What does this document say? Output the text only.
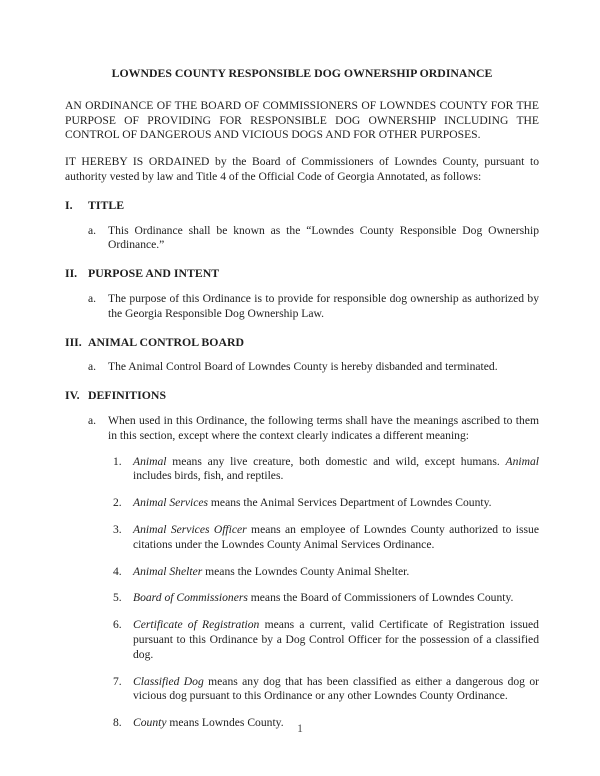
LOWNDES COUNTY RESPONSIBLE DOG OWNERSHIP ORDINANCE

AN ORDINANCE OF THE BOARD OF COMMISSIONERS OF LOWNDES COUNTY FOR THE PURPOSE OF PROVIDING FOR RESPONSIBLE DOG OWNERSHIP INCLUDING THE CONTROL OF DANGEROUS AND VICIOUS DOGS AND FOR OTHER PURPOSES.

IT HEREBY IS ORDAINED by the Board of Commissioners of Lowndes County, pursuant to authority vested by law and Title 4 of the Official Code of Georgia Annotated, as follows:

I. TITLE
a.	This Ordinance shall be known as the “Lowndes County Responsible Dog Ownership Ordinance.”
II. PURPOSE AND INTENT
a.	The purpose of this Ordinance is to provide for responsible dog ownership as authorized by the Georgia Responsible Dog Ownership Law.
III. ANIMAL CONTROL BOARD
a.	The Animal Control Board of Lowndes County is hereby disbanded and terminated.
IV. DEFINITIONS
a.	When used in this Ordinance, the following terms shall have the meanings ascribed to them in this section, except where the context clearly indicates a different meaning:
1. Animal means any live creature, both domestic and wild, except humans. Animal includes birds, fish, and reptiles.
2. Animal Services means the Animal Services Department of Lowndes County.
3. Animal Services Officer means an employee of Lowndes County authorized to issue citations under the Lowndes County Animal Services Ordinance.
4. Animal Shelter means the Lowndes County Animal Shelter.
5. Board of Commissioners means the Board of Commissioners of Lowndes County.
6. Certificate of Registration means a current, valid Certificate of Registration issued pursuant to this Ordinance by a Dog Control Officer for the possession of a classified dog.
7. Classified Dog means any dog that has been classified as either a dangerous dog or vicious dog pursuant to this Ordinance or any other Lowndes County Ordinance.
8. County means Lowndes County.	1
